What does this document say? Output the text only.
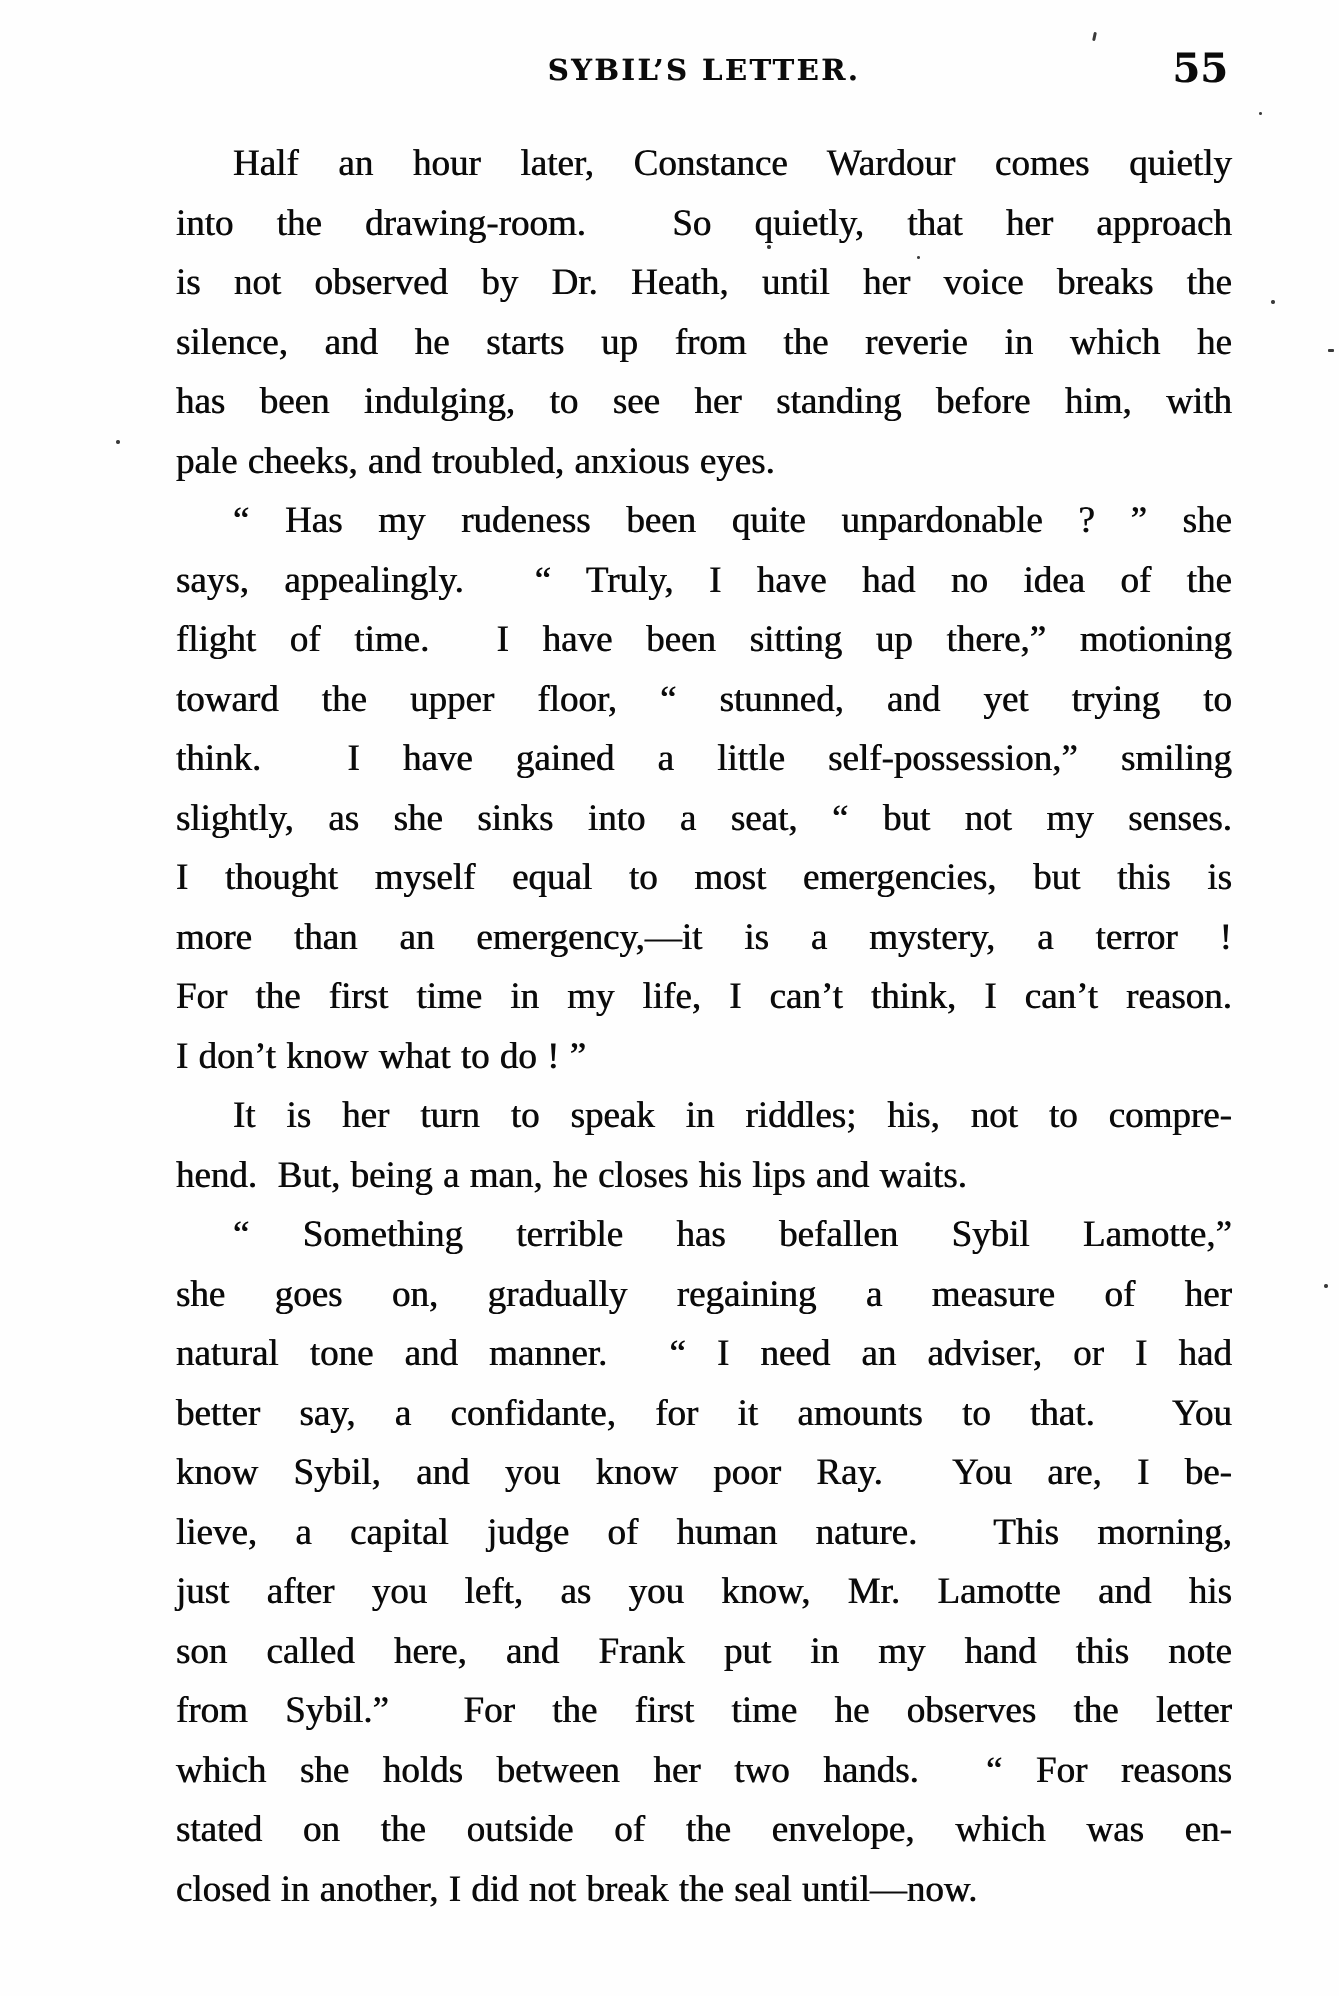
SYBIL’S LETTER.	55
Half an hour later, Constance Wardour comes quietly
into the drawing-room.  So quietly, that her approach
is not observed by Dr. Heath, until her voice breaks the
silence, and he starts up from the reverie in which he
has been indulging, to see her standing before him, with
pale cheeks, and troubled, anxious eyes.
“ Has my rudeness been quite unpardonable ? ” she
says, appealingly.  “ Truly, I have had no idea of the
flight of time.  I have been sitting up there,” motioning
toward the upper floor, “ stunned, and yet trying to
think.  I have gained a little self-possession,” smiling
slightly, as she sinks into a seat, “ but not my senses.
I thought myself equal to most emergencies, but this is
more than an emergency,—it is a mystery, a terror !
For the first time in my life, I can’t think, I can’t reason.
I don’t know what to do ! ”
It is her turn to speak in riddles; his, not to compre-
hend.  But, being a man, he closes his lips and waits.
“ Something terrible has befallen Sybil Lamotte,”
she goes on, gradually regaining a measure of her
natural tone and manner.  “ I need an adviser, or I had
better say, a confidante, for it amounts to that.  You
know Sybil, and you know poor Ray.  You are, I be-
lieve, a capital judge of human nature.  This morning,
just after you left, as you know, Mr. Lamotte and his
son called here, and Frank put in my hand this note
from Sybil.”  For the first time he observes the letter
which she holds between her two hands.  “ For reasons
stated on the outside of the envelope, which was en-
closed in another, I did not break the seal until—now.
